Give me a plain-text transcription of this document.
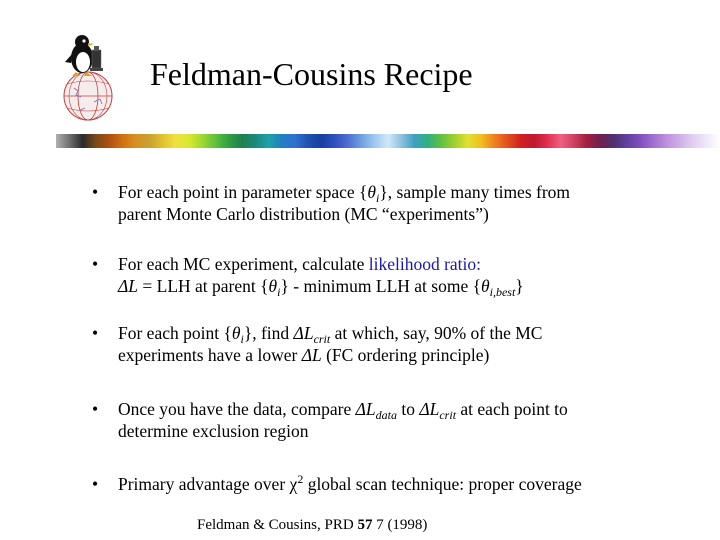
Feldman-Cousins Recipe
• For each point in parameter space $\{\theta_i\}$, sample many times from
parent Monte Carlo distribution (MC “experiments”)
• For each MC experiment, calculate likelihood ratio:
ΔL = LLH at parent $\{\theta_i\}$ - minimum LLH at some $\{\theta_{i,best}\}$
• For each point $\{\theta_i\}$, find $\Delta L_{crit}$ at which, say, 90% of the MC
experiments have a lower ΔL (FC ordering principle)
• Once you have the data, compare $\Delta L_{data}$ to $\Delta L_{crit}$ at each point to
determine exclusion region
• Primary advantage over $\chi^2$ global scan technique: proper coverage
Feldman & Cousins, PRD 57 7 (1998)
